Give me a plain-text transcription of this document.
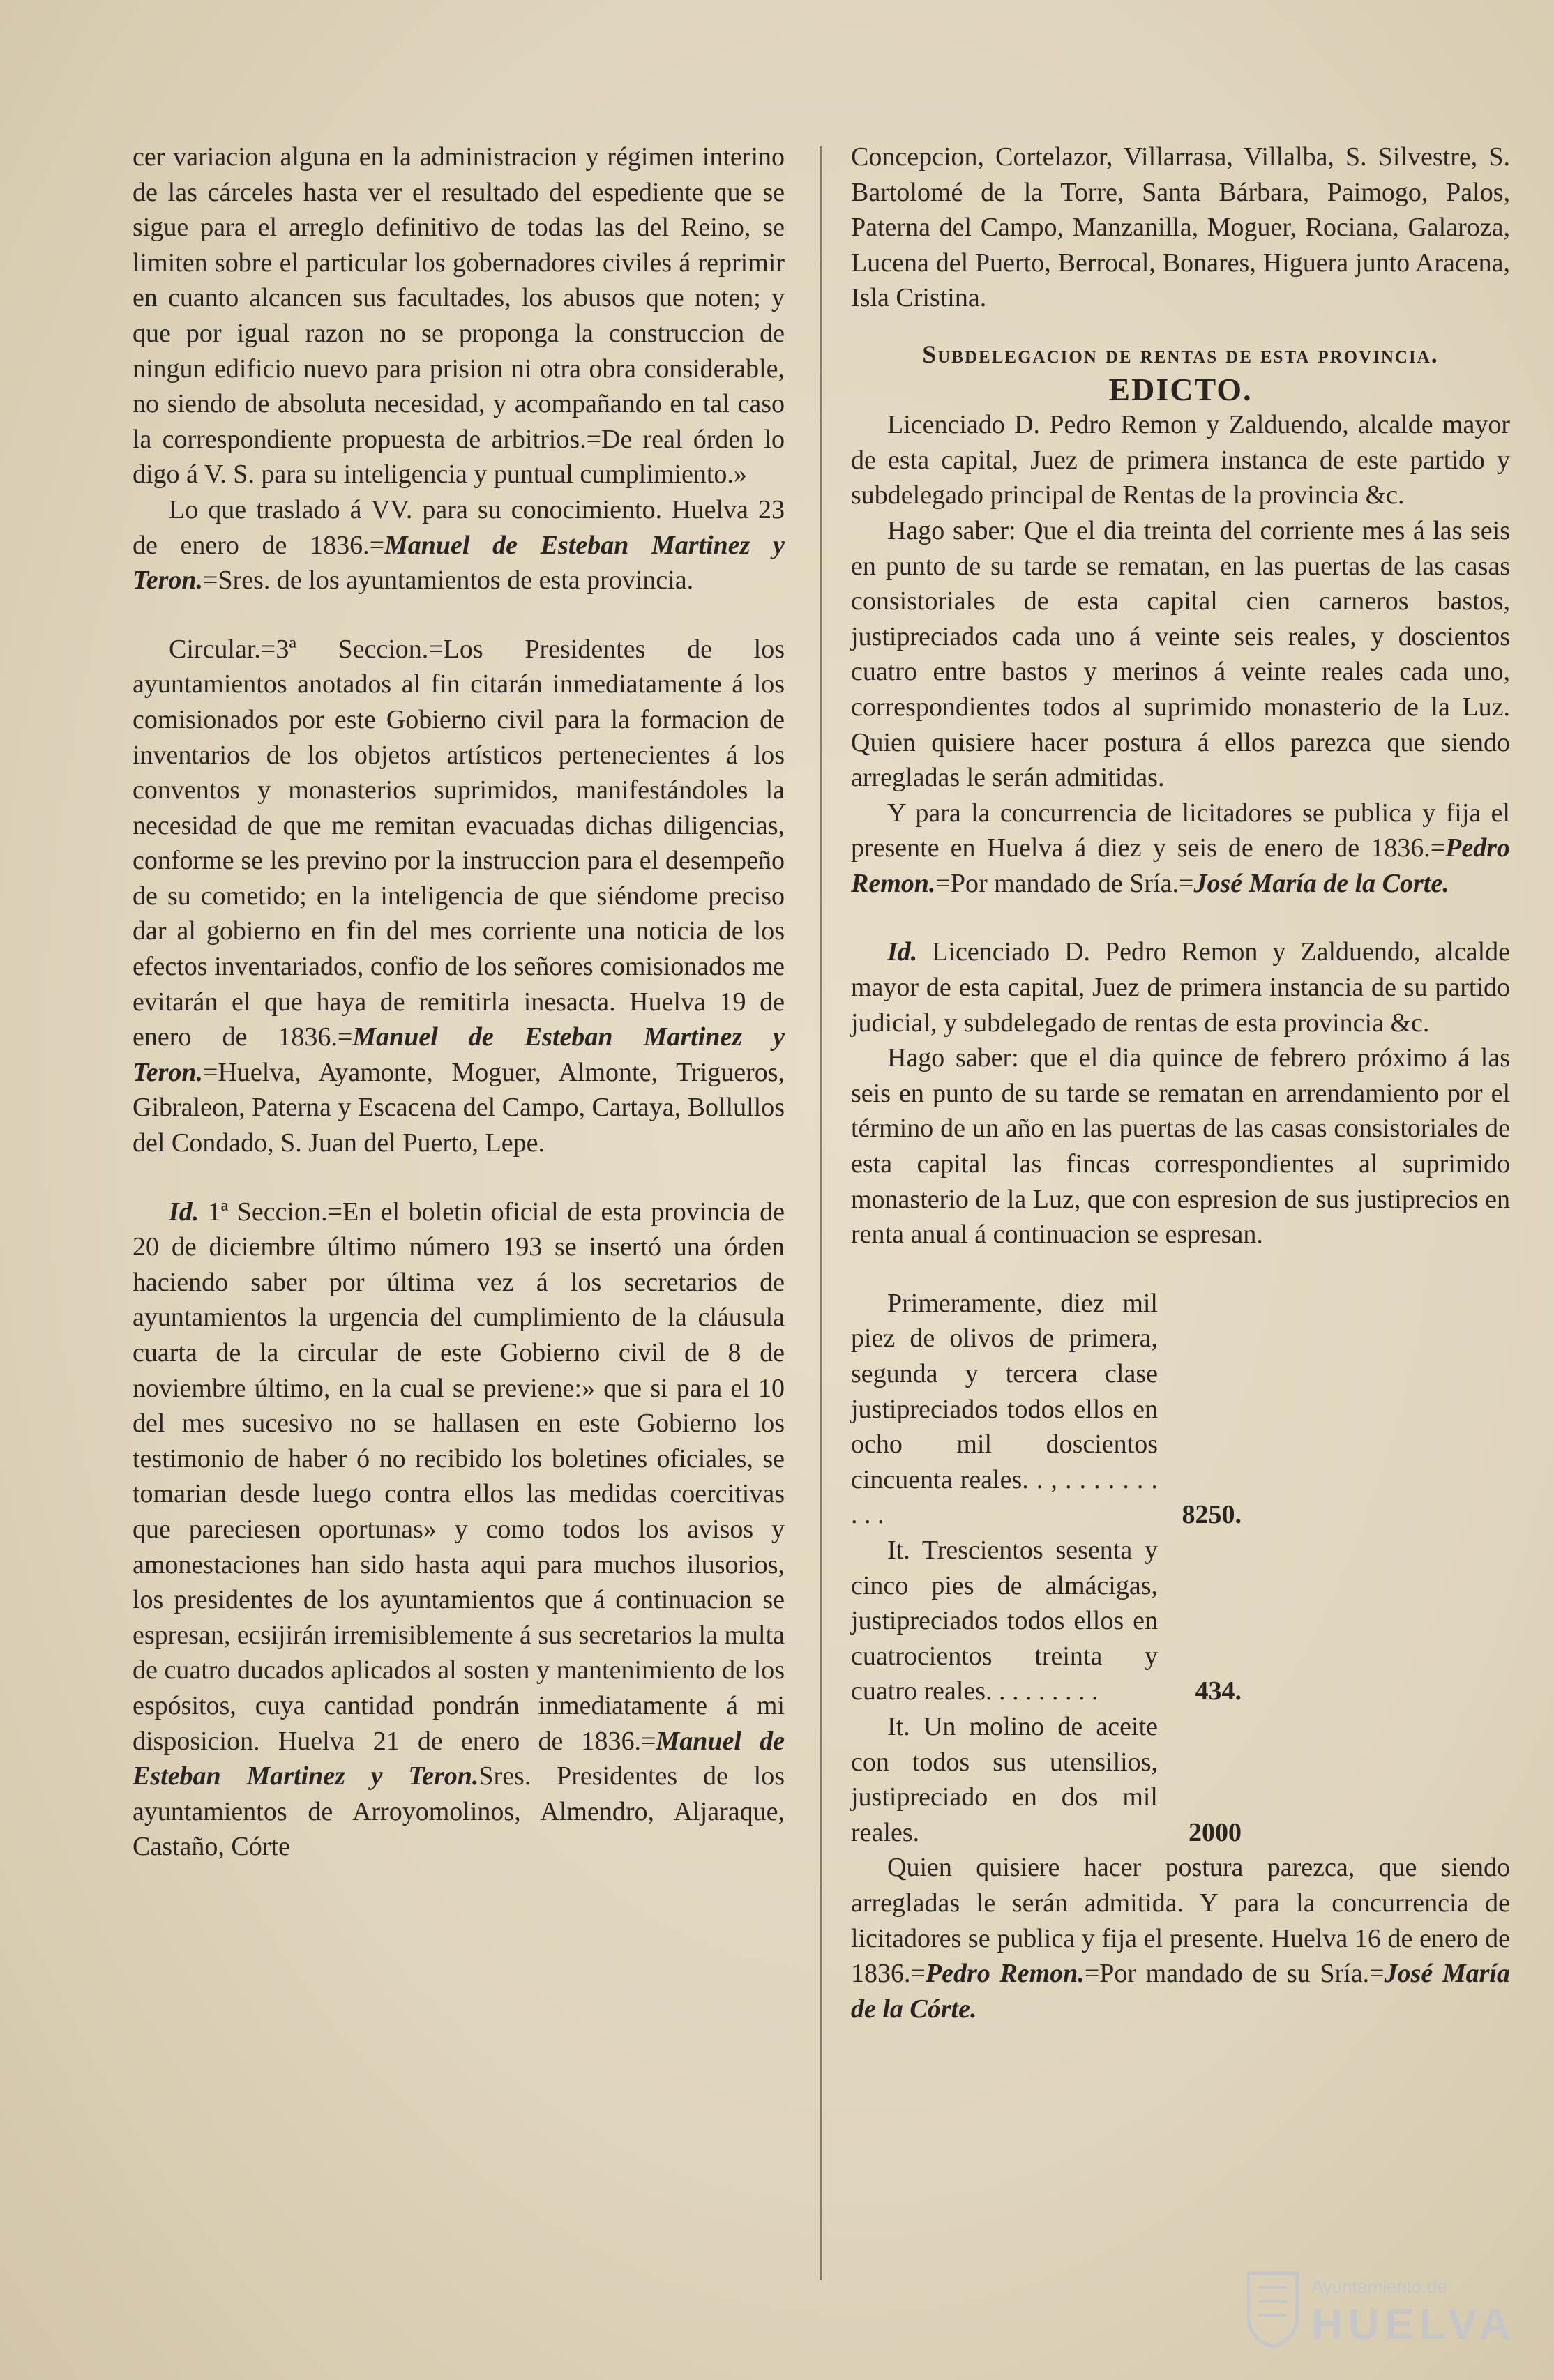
cer variacion alguna en la administracion y régimen interino de las cárceles hasta ver el resultado del espediente que se sigue para el arreglo definitivo de todas las del Reino, se limiten sobre el particular los gobernadores civiles á reprimir en cuanto alcancen sus facultades, los abusos que noten; y que por igual razon no se proponga la construccion de ningun edificio nuevo para prision ni otra obra considerable, no siendo de absoluta necesidad, y acompañando en tal caso la correspondiente propuesta de arbitrios.=De real órden lo digo á V. S. para su inteligencia y puntual cumplimiento.»

Lo que traslado á VV. para su conocimiento. Huelva 23 de enero de 1836.=Manuel de Esteban Martinez y Teron.=Sres. de los ayuntamientos de esta provincia.

Circular.=3ª Seccion.=Los Presidentes de los ayuntamientos anotados al fin citarán inmediatamente á los comisionados por este Gobierno civil para la formacion de inventarios de los objetos artísticos pertenecientes á los conventos y monasterios suprimidos, manifestándoles la necesidad de que me remitan evacuadas dichas diligencias, conforme se les previno por la instruccion para el desempeño de su cometido; en la inteligencia de que siéndome preciso dar al gobierno en fin del mes corriente una noticia de los efectos inventariados, confio de los señores comisionados me evitarán el que haya de remitirla inesacta. Huelva 19 de enero de 1836.=Manuel de Esteban Martinez y Teron.=Huelva, Ayamonte, Moguer, Almonte, Trigueros, Gibraleon, Paterna y Escacena del Campo, Cartaya, Bollullos del Condado, S. Juan del Puerto, Lepe.

Id. 1ª Seccion.=En el boletin oficial de esta provincia de 20 de diciembre último número 193 se insertó una órden haciendo saber por última vez á los secretarios de ayuntamientos la urgencia del cumplimiento de la cláusula cuarta de la circular de este Gobierno civil de 8 de noviembre último, en la cual se previene:» que si para el 10 del mes sucesivo no se hallasen en este Gobierno los testimonio de haber ó no recibido los boletines oficiales, se tomarian desde luego contra ellos las medidas coercitivas que pareciesen oportunas» y como todos los avisos y amonestaciones han sido hasta aqui para muchos ilusorios, los presidentes de los ayuntamientos que á continuacion se espresan, ecsijirán irremisiblemente á sus secretarios la multa de cuatro ducados aplicados al sosten y mantenimiento de los espósitos, cuya cantidad pondrán inmediatamente á mi disposicion. Huelva 21 de enero de 1836.=Manuel de Esteban Martinez y Teron.Sres. Presidentes de los ayuntamientos de Arroyomolinos, Almendro, Aljaraque, Castaño, Córte

Concepcion, Cortelazor, Villarrasa, Villalba, S. Silvestre, S. Bartolomé de la Torre, Santa Bárbara, Paimogo, Palos, Paterna del Campo, Manzanilla, Moguer, Rociana, Galaroza, Lucena del Puerto, Berrocal, Bonares, Higuera junto Aracena, Isla Cristina.

Subdelegacion de rentas de esta provincia.

EDICTO.

Licenciado D. Pedro Remon y Zalduendo, alcalde mayor de esta capital, Juez de primera instanca de este partido y subdelegado principal de Rentas de la provincia &c.

Hago saber: Que el dia treinta del corriente mes á las seis en punto de su tarde se rematan, en las puertas de las casas consistoriales de esta capital cien carneros bastos, justipreciados cada uno á veinte seis reales, y doscientos cuatro entre bastos y merinos á veinte reales cada uno, correspondientes todos al suprimido monasterio de la Luz. Quien quisiere hacer postura á ellos parezca que siendo arregladas le serán admitidas.

Y para la concurrencia de licitadores se publica y fija el presente en Huelva á diez y seis de enero de 1836.=Pedro Remon.=Por mandado de Sría.=José María de la Corte.

Id. Licenciado D. Pedro Remon y Zalduendo, alcalde mayor de esta capital, Juez de primera instancia de su partido judicial, y subdelegado de rentas de esta provincia &c.

Hago saber: que el dia quince de febrero próximo á las seis en punto de su tarde se rematan en arrendamiento por el término de un año en las puertas de las casas consistoriales de esta capital las fincas correspondientes al suprimido monasterio de la Luz, que con espresion de sus justiprecios en renta anual á continuacion se espresan.

Primeramente, diez mil piez de olivos de primera, segunda y tercera clase justipreciados todos ellos en ocho mil doscientos cincuenta reales. . , . . . . . . . . . .	8250.
It. Trescientos sesenta y cinco pies de almácigas, justipreciados todos ellos en cuatrocientos treinta y cuatro reales. . . . . . . . .	434.
It. Un molino de aceite con todos sus utensilios, justipreciado en dos mil reales.	2000

Quien quisiere hacer postura parezca, que siendo arregladas le serán admitida. Y para la concurrencia de licitadores se publica y fija el presente. Huelva 16 de enero de 1836.=Pedro Remon.=Por mandado de su Sría.=José María de la Córte.

Ayuntamiento de
HUELVA
